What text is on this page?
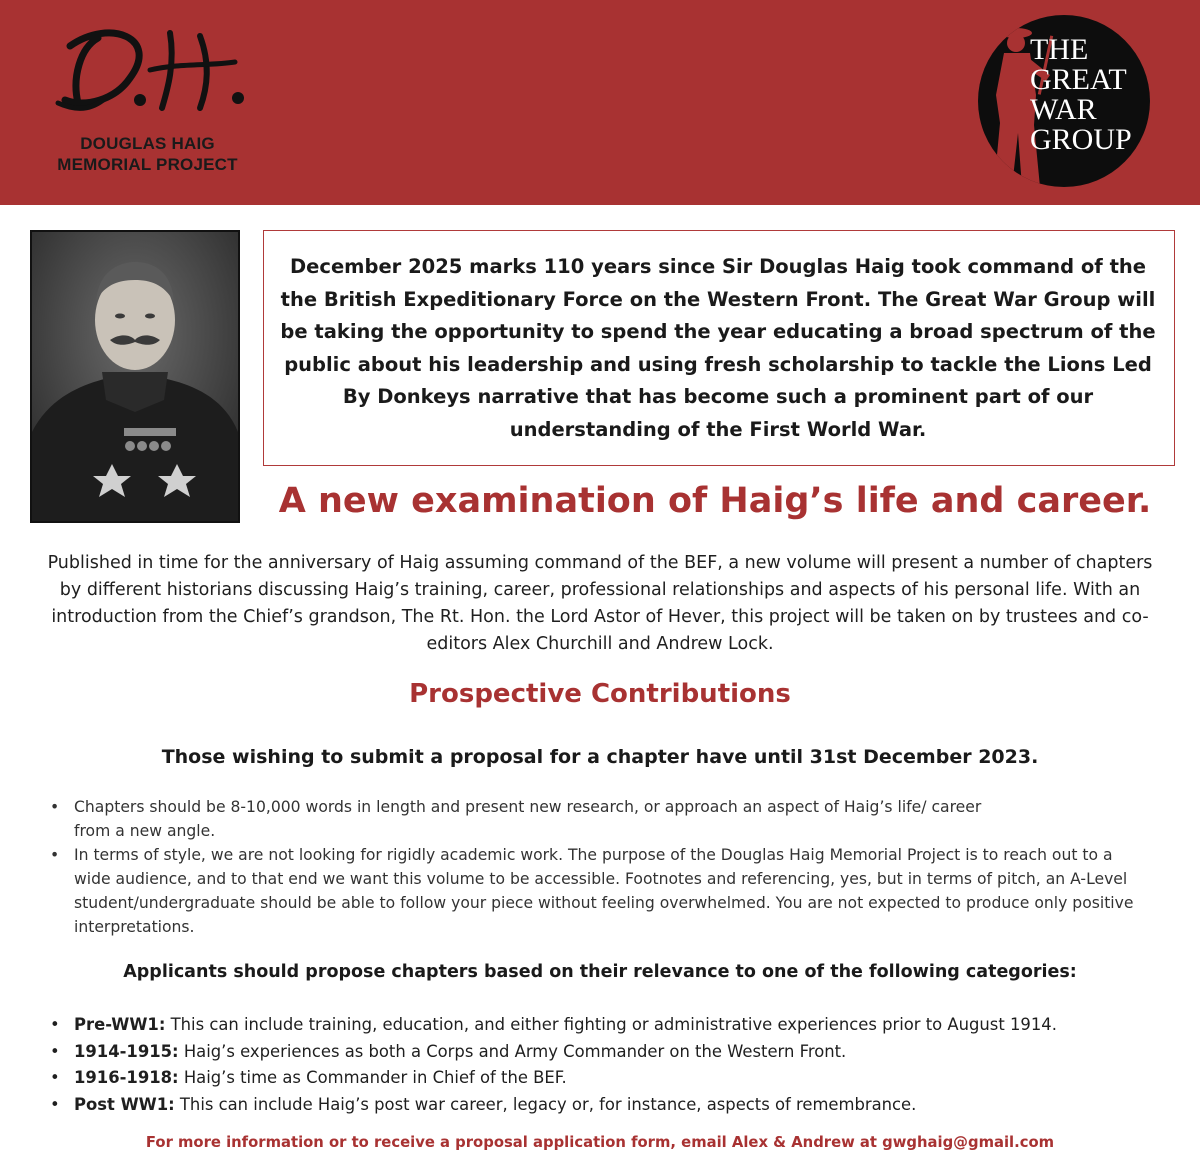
DOUGLAS HAIG
MEMORIAL PROJECT
THE
GREAT
WAR
GROUP
December 2025 marks 110 years since Sir Douglas Haig took command of the the British Expeditionary Force on the Western Front. The Great War Group will be taking the opportunity to spend the year educating a broad spectrum of the public about his leadership and using fresh scholarship to tackle the Lions Led By Donkeys narrative that has become such a prominent part of our understanding of the First World War.
A new examination of Haig’s life and career.
Published in time for the anniversary of Haig assuming command of the BEF, a new volume will present a number of chapters by different historians discussing Haig’s training, career, professional relationships and aspects of his personal life. With an introduction from the Chief’s grandson, The Rt. Hon. the Lord Astor of Hever, this project will be taken on by trustees and co-editors Alex Churchill and Andrew Lock.
Prospective Contributions
Those wishing to submit a proposal for a chapter have until 31st December 2023.
• Chapters should be 8-10,000 words in length and present new research, or approach an aspect of Haig’s life/ career from a new angle.
• In terms of style, we are not looking for rigidly academic work. The purpose of the Douglas Haig Memorial Project is to reach out to a wide audience, and to that end we want this volume to be accessible. Footnotes and referencing, yes, but in terms of pitch, an A-Level student/undergraduate should be able to follow your piece without feeling overwhelmed. You are not expected to produce only positive interpretations.
Applicants should propose chapters based on their relevance to one of the following categories:
• Pre-WW1: This can include training, education, and either fighting or administrative experiences prior to August 1914.
• 1914-1915: Haig’s experiences as both a Corps and Army Commander on the Western Front.
• 1916-1918: Haig’s time as Commander in Chief of the BEF.
• Post WW1: This can include Haig’s post war career, legacy or, for instance, aspects of remembrance.
For more information or to receive a proposal application form, email Alex & Andrew at gwghaig@gmail.com
